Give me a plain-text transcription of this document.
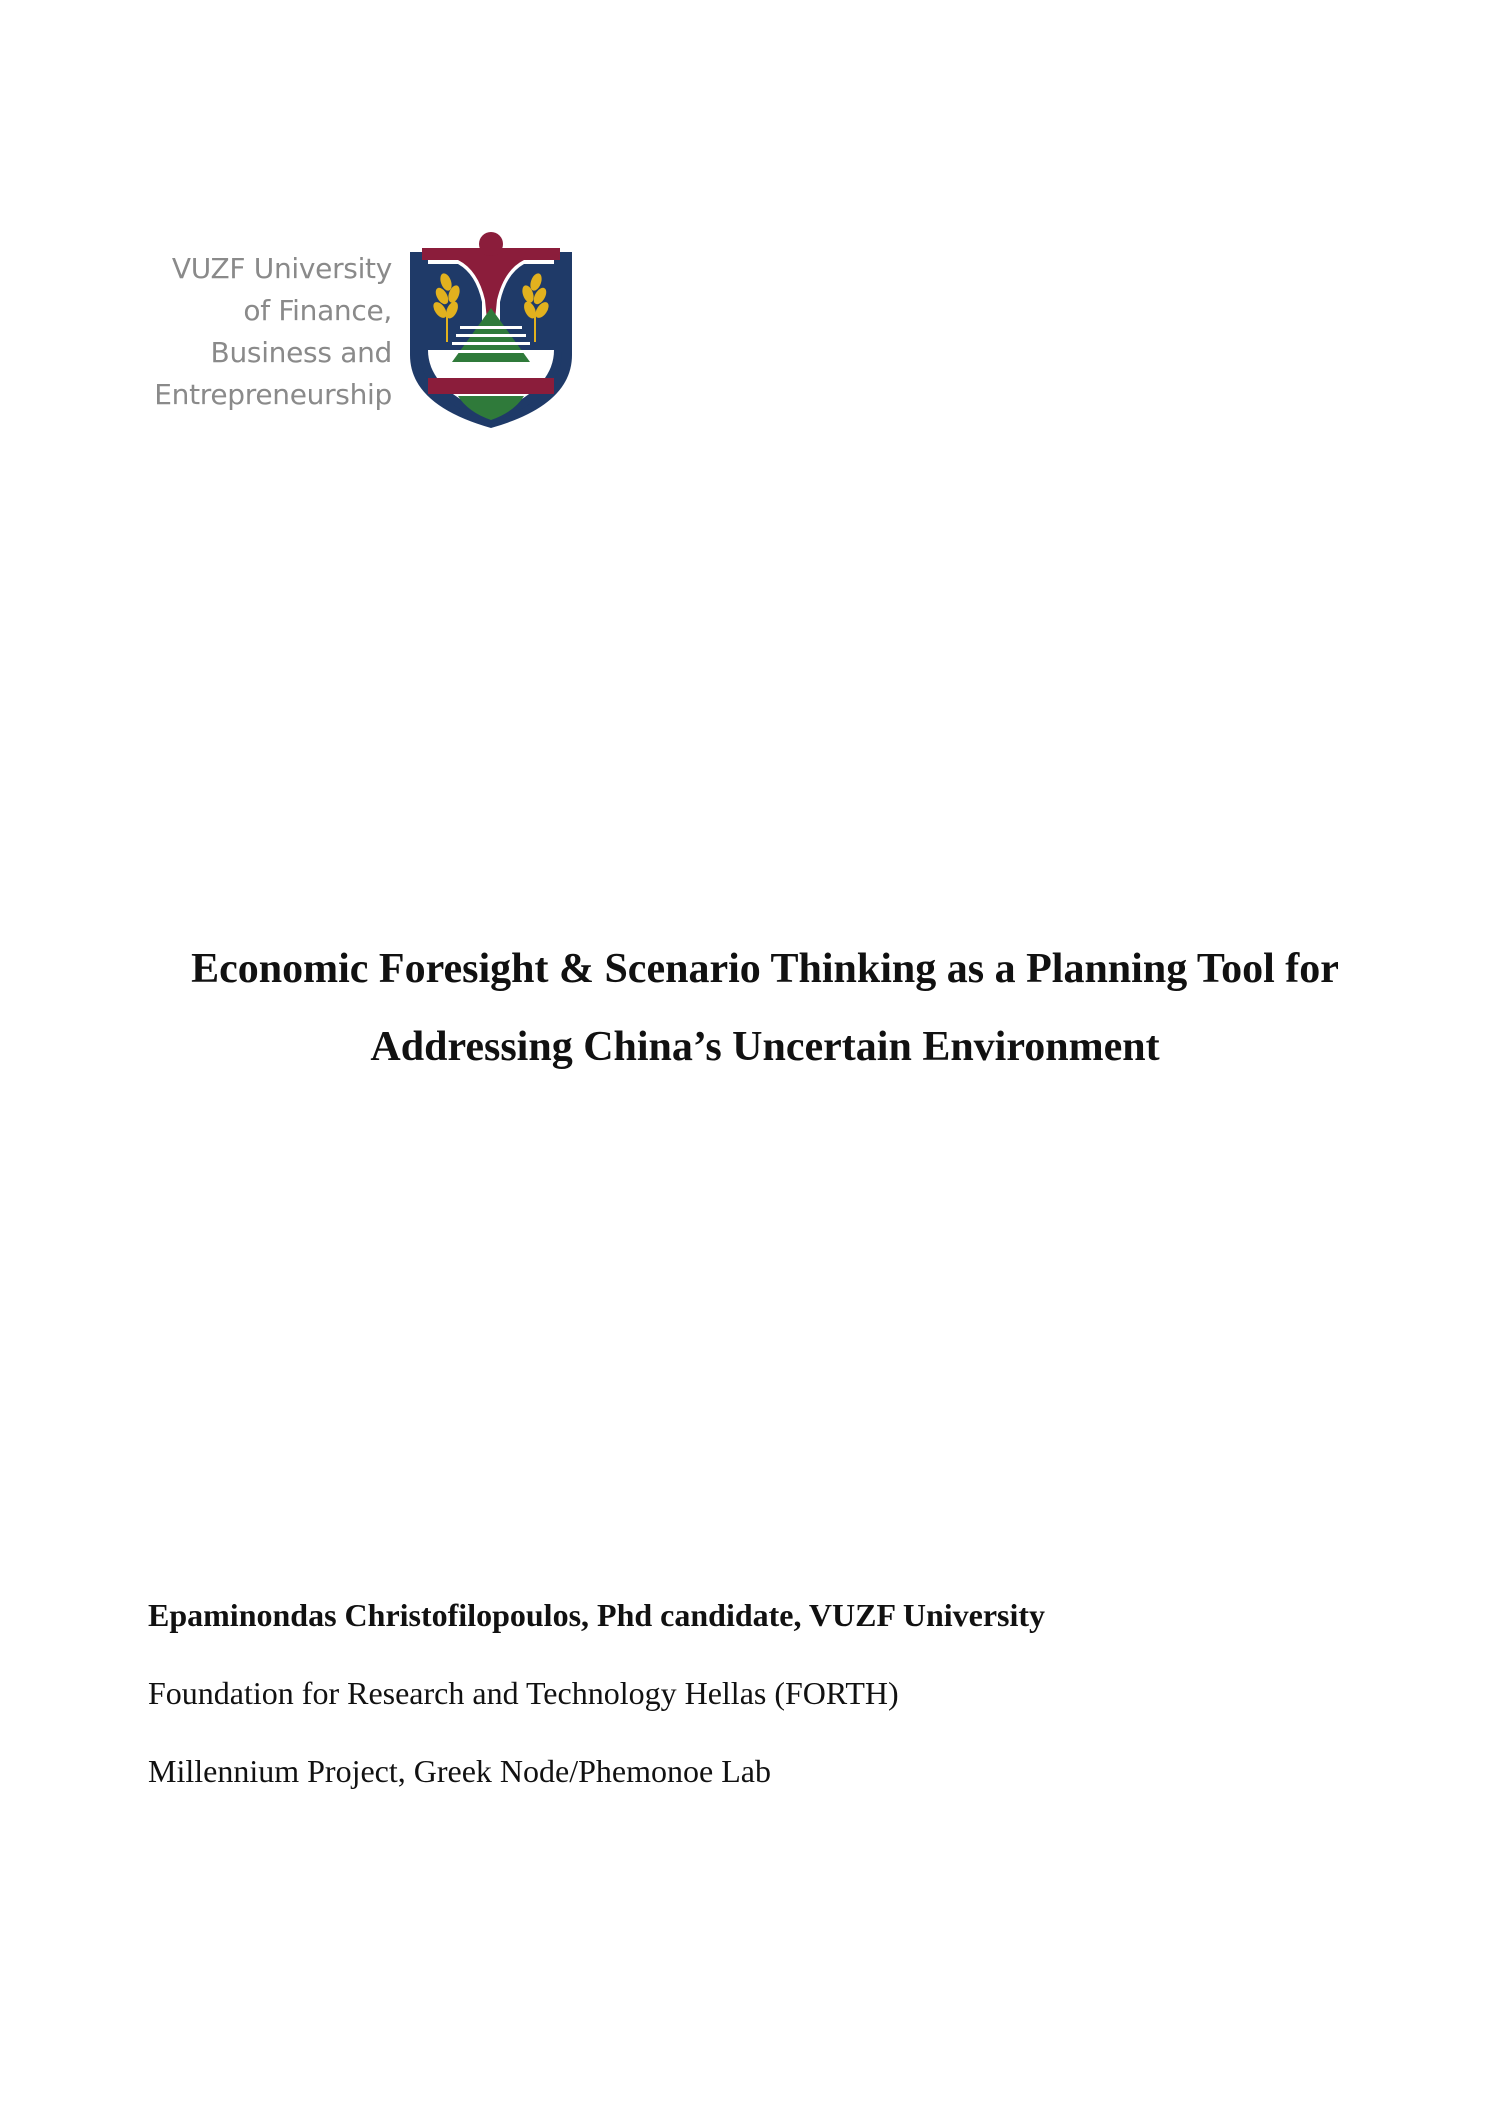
VUZF University
of Finance,
Business and
Entrepreneurship
Economic Foresight & Scenario Thinking as a Planning Tool for
Addressing China’s Uncertain Environment
Epaminondas Christofilopoulos, Phd candidate, VUZF University
Foundation for Research and Technology Hellas (FORTH)
Millennium Project, Greek Node/Phemonoe Lab
